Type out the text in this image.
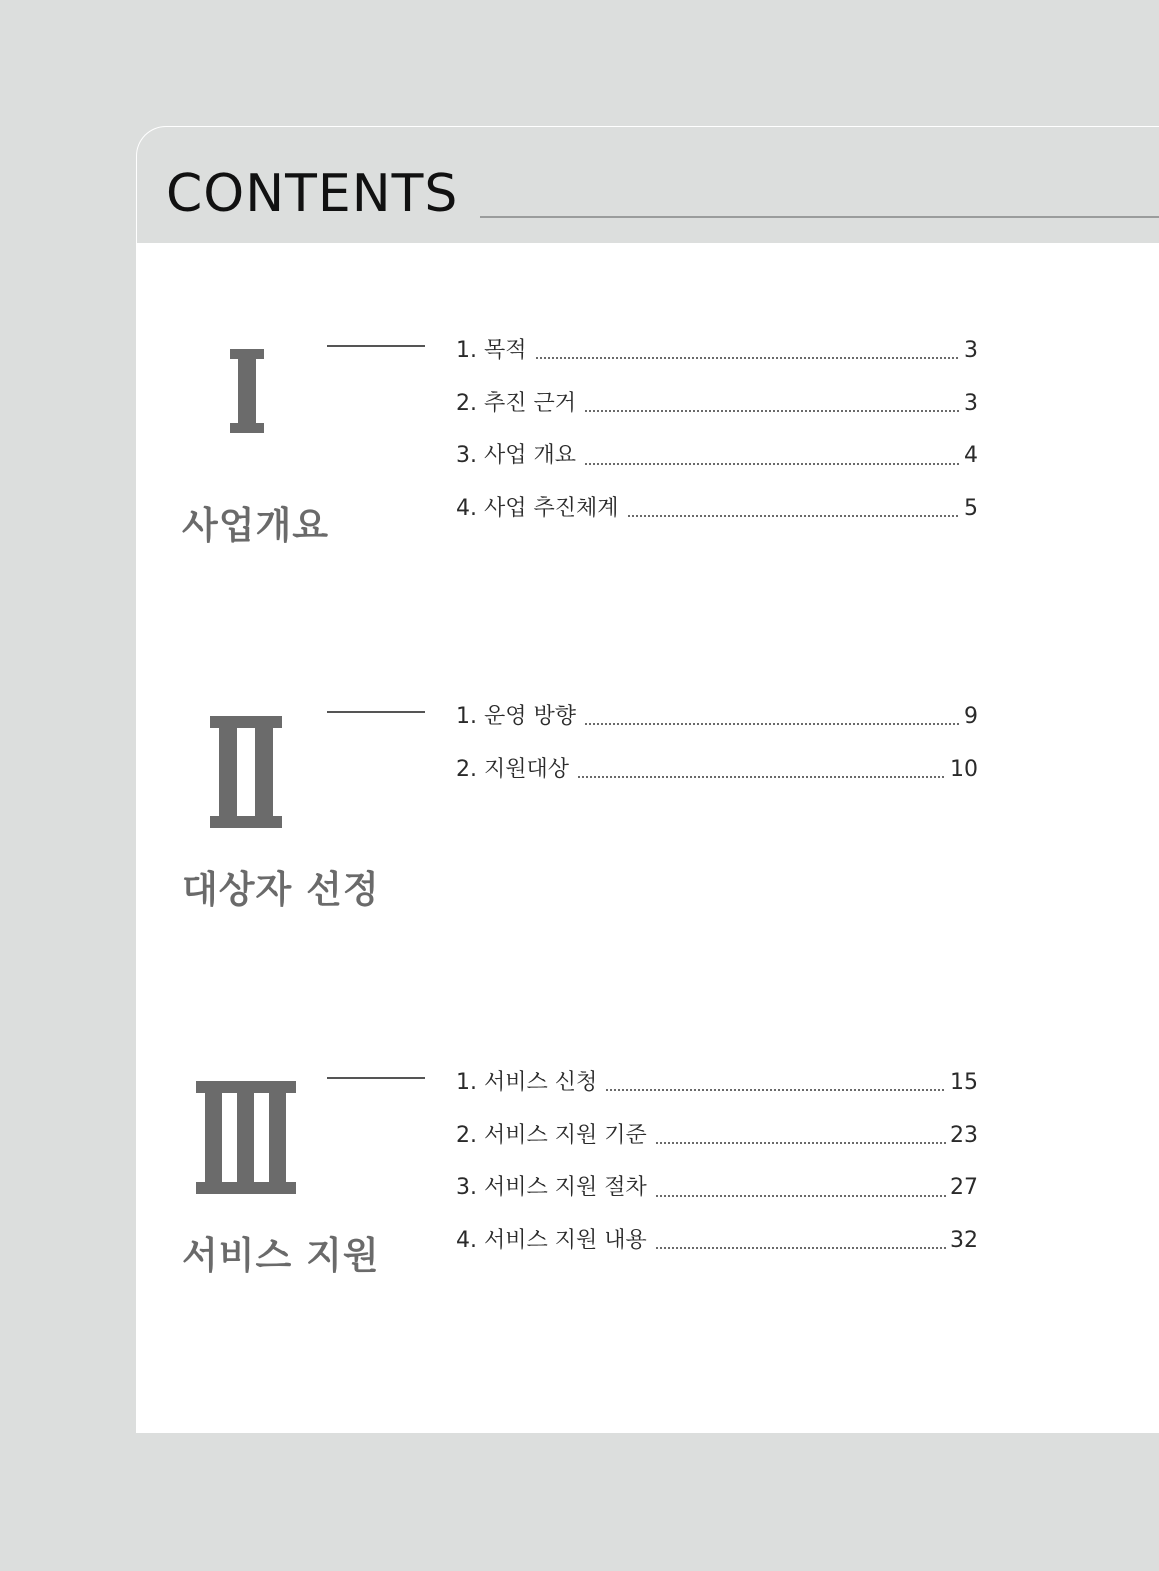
CONTENTS
사업개요
1. 목적	3
2. 추진 근거	3
3. 사업 개요	4
4. 사업 추진체계	5
대상자 선정
1. 운영 방향	9
2. 지원대상	10
서비스 지원
1. 서비스 신청	15
2. 서비스 지원 기준	23
3. 서비스 지원 절차	27
4. 서비스 지원 내용	32
